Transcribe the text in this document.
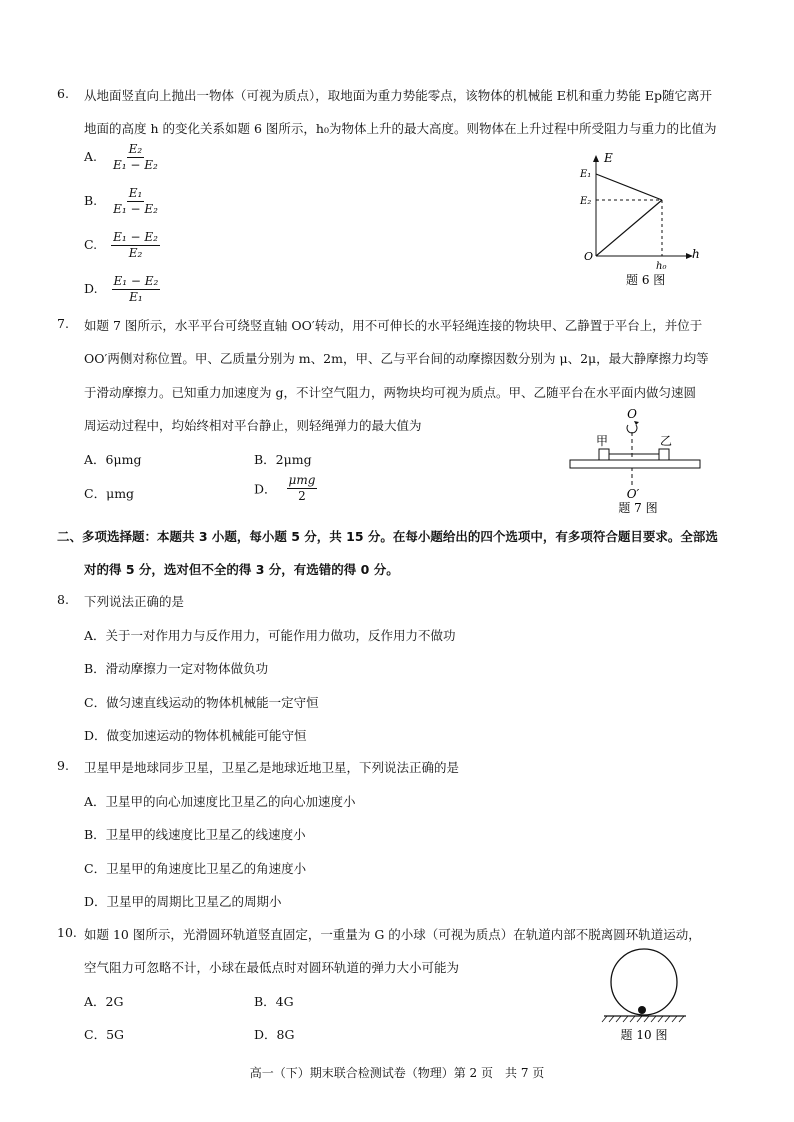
6. 从地面竖直向上抛出一物体（可视为质点），取地面为重力势能零点，该物体的机械能 E机和重力势能 Ep随它离开
地面的高度 h 的变化关系如题 6 图所示，h₀为物体上升的最大高度。则物体在上升过程中所受阻力与重力的比值为
A. $\frac{\text{E₂}}{\text{E₁ − E₂}}$
B. $\frac{\text{E₁}}{\text{E₁ − E₂}}$
C. $\frac{\text{E₁ − E₂}}{\text{E₂}}$
D. $\frac{\text{E₁ − E₂}}{\text{E₁}}$
E
h
E₁
E₂
O
h₀
题 6 图
7. 如题 7 图所示，水平平台可绕竖直轴 OO′转动，用不可伸长的水平轻绳连接的物块甲、乙静置于平台上，并位于
OO′两侧对称位置。甲、乙质量分别为 m、2m，甲、乙与平台间的动摩擦因数分别为 μ、2μ，最大静摩擦力均等
于滑动摩擦力。已知重力加速度为 g，不计空气阻力，两物块均可视为质点。甲、乙随平台在水平面内做匀速圆
周运动过程中，均始终相对平台静止，则轻绳弹力的最大值为
A．6μmg	B．2μmg
C．μmg	D． $\frac{\text{μmg}}{2}$
O
甲	乙
O′
题 7 图
二、多项选择题：本题共 3 小题，每小题 5 分，共 15 分。在每小题给出的四个选项中，有多项符合题目要求。全部选
对的得 5 分，选对但不全的得 3 分，有选错的得 0 分。
8. 下列说法正确的是
A．关于一对作用力与反作用力，可能作用力做功，反作用力不做功
B．滑动摩擦力一定对物体做负功
C．做匀速直线运动的物体机械能一定守恒
D．做变加速运动的物体机械能可能守恒
9. 卫星甲是地球同步卫星，卫星乙是地球近地卫星，下列说法正确的是
A．卫星甲的向心加速度比卫星乙的向心加速度小
B．卫星甲的线速度比卫星乙的线速度小
C．卫星甲的角速度比卫星乙的角速度小
D．卫星甲的周期比卫星乙的周期小
10. 如题 10 图所示，光滑圆环轨道竖直固定，一重量为 G 的小球（可视为质点）在轨道内部不脱离圆环轨道运动，
空气阻力可忽略不计，小球在最低点时对圆环轨道的弹力大小可能为
A．2G	B．4G
C．5G	D．8G	题 10 图
高一（下）期末联合检测试卷（物理）第 2 页　共 7 页
